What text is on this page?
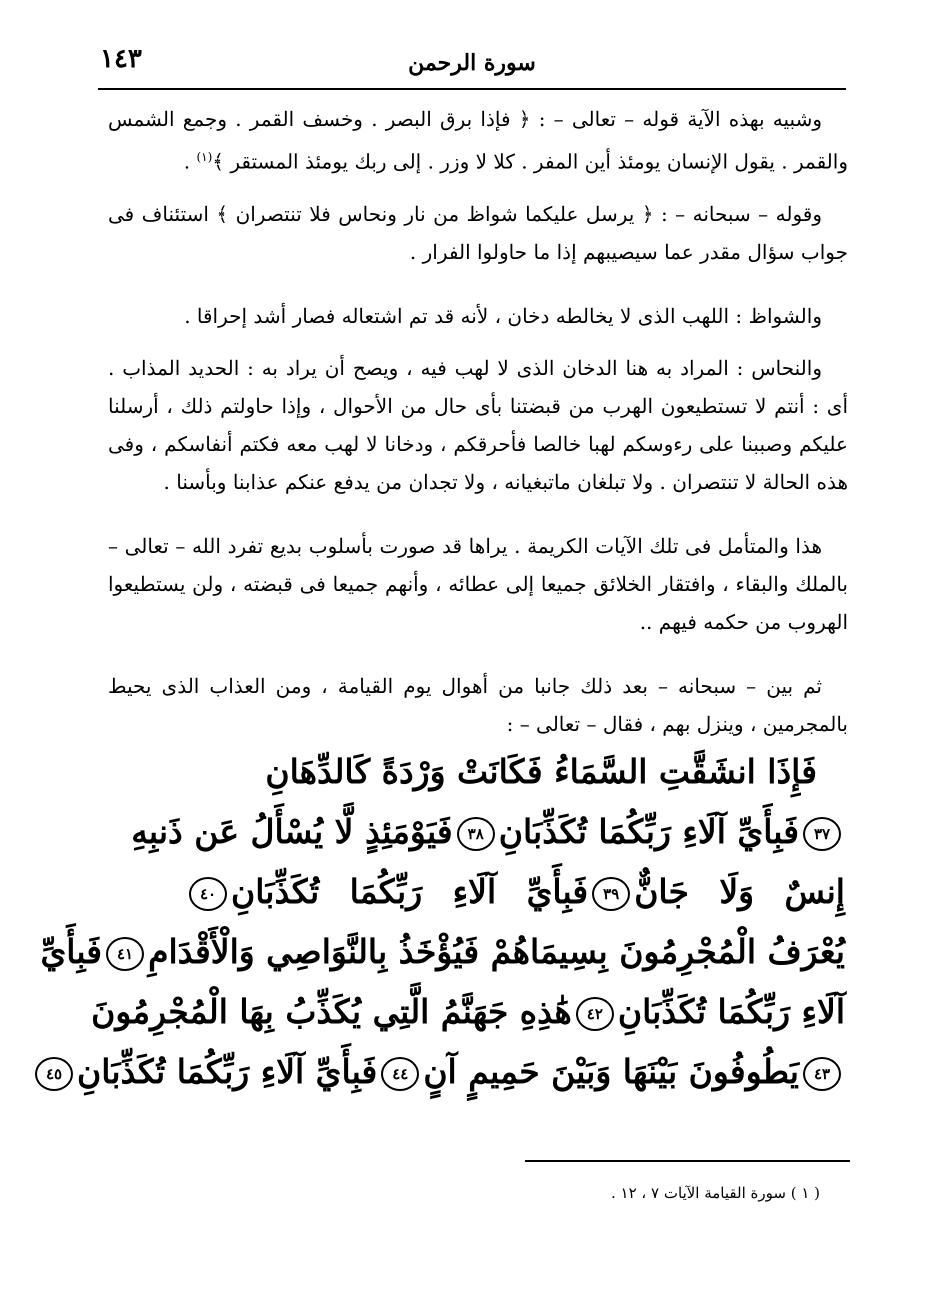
١٤٣	سورة الرحمن

وشبيه بهذه الآية قوله – تعالى – : ﴿ فإذا برق البصر . وخسف القمر . وجمع الشمس والقمر . يقول الإنسان يومئذ أين المفر . كلا لا وزر . إلى ربك يومئذ المستقر ﴾$^{(١)}$ .

وقوله – سبحانه – : ﴿ يرسل عليكما شواظ من نار ونحاس فلا تنتصران ﴾ استئناف فى جواب سؤال مقدر عما سيصيبهم إذا ما حاولوا الفرار .

والشواظ : اللهب الذى لا يخالطه دخان ، لأنه قد تم اشتعاله فصار أشد إحراقا .

والنحاس : المراد به هنا الدخان الذى لا لهب فيه ، ويصح أن يراد به : الحديد المذاب . أى : أنتم لا تستطيعون الهرب من قبضتنا بأى حال من الأحوال ، وإذا حاولتم ذلك ، أرسلنا عليكم وصببنا على رءوسكم لهبا خالصا فأحرقكم ، ودخانا لا لهب معه فكتم أنفاسكم ، وفى هذه الحالة لا تنتصران . ولا تبلغان ماتبغيانه ، ولا تجدان من يدفع عنكم عذابنا وبأسنا .

هذا والمتأمل فى تلك الآيات الكريمة . يراها قد صورت بأسلوب بديع تفرد الله – تعالى – بالملك والبقاء ، وافتقار الخلائق جميعا إلى عطائه ، وأنهم جميعا فى قبضته ، ولن يستطيعوا الهروب من حكمه فيهم ..

ثم بين – سبحانه – بعد ذلك جانبا من أهوال يوم القيامة ، ومن العذاب الذى يحيط بالمجرمين ، وينزل بهم ، فقال – تعالى – :

فَإِذَا انشَقَّتِ السَّمَاءُ فَكَانَتْ وَرْدَةً كَالدِّهَانِ
٣٧فَبِأَيِّ آلَاءِ رَبِّكُمَا تُكَذِّبَانِ٣٨فَيَوْمَئِذٍ لَّا يُسْأَلُ عَن ذَنبِهِ
إِنسٌ وَلَا جَانٌّ٣٩فَبِأَيِّ آلَاءِ رَبِّكُمَا تُكَذِّبَانِ٤٠
يُعْرَفُ الْمُجْرِمُونَ بِسِيمَاهُمْ فَيُؤْخَذُ بِالنَّوَاصِي وَالْأَقْدَامِ٤١فَبِأَيِّ
آلَاءِ رَبِّكُمَا تُكَذِّبَانِ٤٢هَٰذِهِ جَهَنَّمُ الَّتِي يُكَذِّبُ بِهَا الْمُجْرِمُونَ
٤٣يَطُوفُونَ بَيْنَهَا وَبَيْنَ حَمِيمٍ آنٍ٤٤فَبِأَيِّ آلَاءِ رَبِّكُمَا تُكَذِّبَانِ٤٥
( ١ ) سورة القيامة الآيات ٧ ، ١٢ .
